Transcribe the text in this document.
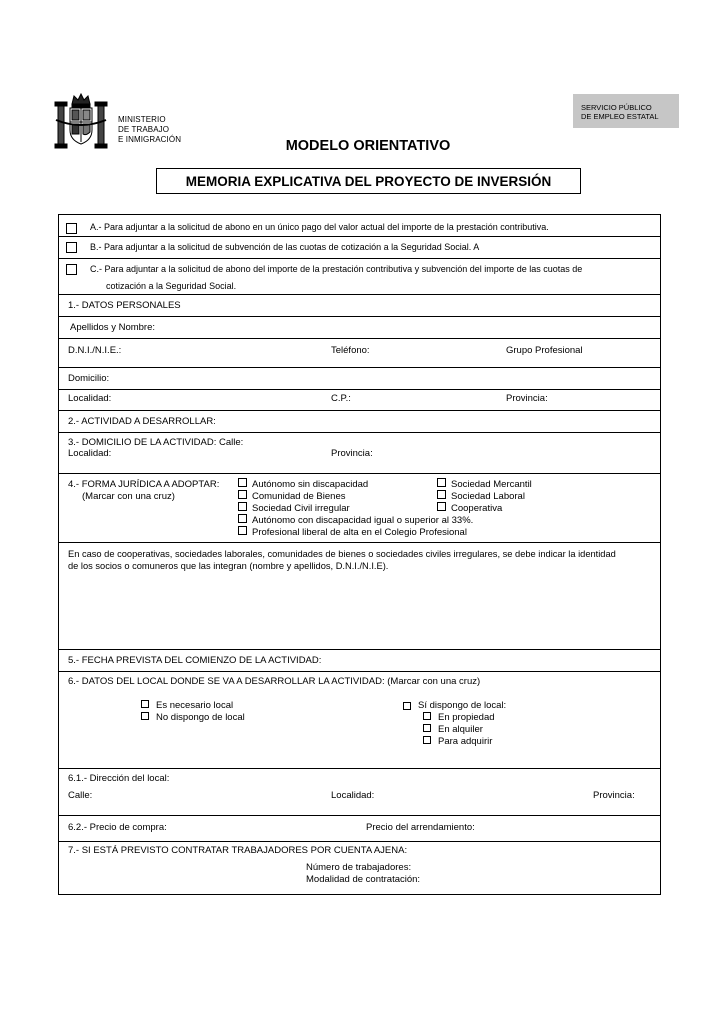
MINISTERIO
DE TRABAJO
E INMIGRACIÓN
SERVICIO PÚBLICO
DE EMPLEO ESTATAL
MODELO ORIENTATIVO
MEMORIA EXPLICATIVA DEL PROYECTO DE INVERSIÓN
A.- Para adjuntar a la solicitud de abono en un único pago del valor actual del importe de la prestación contributiva.
B.- Para adjuntar a la solicitud de subvención de las cuotas de cotización a la Seguridad Social. A
C.- Para adjuntar a la solicitud de abono del importe de la prestación contributiva y subvención del importe de las cuotas de
cotización a la Seguridad Social.
1.- DATOS PERSONALES
Apellidos y Nombre:
D.N.I./N.I.E.:	Teléfono:	Grupo Profesional
Domicilio:
Localidad:	C.P.:	Provincia:
2.- ACTIVIDAD A DESARROLLAR:
3.- DOMICILIO DE LA ACTIVIDAD: Calle:
Localidad:	Provincia:
4.- FORMA JURÍDICA A ADOPTAR:
(Marcar con una cruz)
Autónomo sin discapacidad
Comunidad de Bienes
Sociedad Civil irregular
Autónomo con discapacidad igual o superior al 33%.
Profesional liberal de alta en el Colegio Profesional
Sociedad Mercantil
Sociedad Laboral
Cooperativa
En caso de cooperativas, sociedades laborales, comunidades de bienes o sociedades civiles irregulares, se debe indicar la identidad
de los socios o comuneros que las integran (nombre y apellidos, D.N.I./N.I.E).
5.- FECHA PREVISTA DEL COMIENZO DE LA ACTIVIDAD:
6.- DATOS DEL LOCAL DONDE SE VA A DESARROLLAR LA ACTIVIDAD: (Marcar con una cruz)
Es necesario local
No dispongo de local
Sí dispongo de local:
En propiedad
En alquiler
Para adquirir
6.1.- Dirección del local:
Calle:	Localidad:	Provincia:
6.2.- Precio de compra:	Precio del arrendamiento:
7.- SI ESTÁ PREVISTO CONTRATAR TRABAJADORES POR CUENTA AJENA:
Número de trabajadores:
Modalidad de contratación:
